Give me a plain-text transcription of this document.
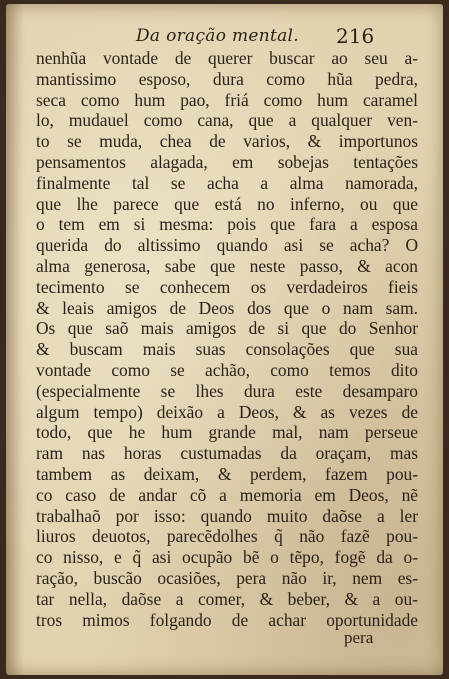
Da oração mental. 216
nenhũa vontade de querer buscar ao seu a-
mantissimo esposo, dura como hũa pedra,
seca como hum pao, friá como hum caramel
lo, mudauel como cana, que a qualquer ven-
to se muda, chea de varios, & importunos
pensamentos alagada, em sobejas tentações
finalmente tal se acha a alma namorada,
que lhe parece que está no inferno, ou que
o tem em si mesma: pois que fara a esposa
querida do altissimo quando asi se acha? O
alma generosa, sabe que neste passo, & acon
tecimento se conhecem os verdadeiros fieis
& leais amigos de Deos dos que o nam sam.
Os que saõ mais amigos de si que do Senhor
& buscam mais suas consolações que sua
vontade como se achão, como temos dito
(especialmente se lhes dura este desamparo
algum tempo) deixão a Deos, & as vezes de
todo, que he hum grande mal, nam perseue
ram nas horas custumadas da oraçam, mas
tambem as deixam, & perdem, fazem pou-
co caso de andar cõ a memoria em Deos, nẽ
trabalhaõ por isso: quando muito daõse a ler
liuros deuotos, parecẽdolhes q̃ não fazẽ pou-
co nisso, e q̃ asi ocupão bẽ o tẽpo, fogẽ da o-
ração, buscão ocasiões, pera não ir, nem es-
tar nella, daõse a comer, & beber, & a ou-
tros mimos folgando de achar oportunidade
pera
